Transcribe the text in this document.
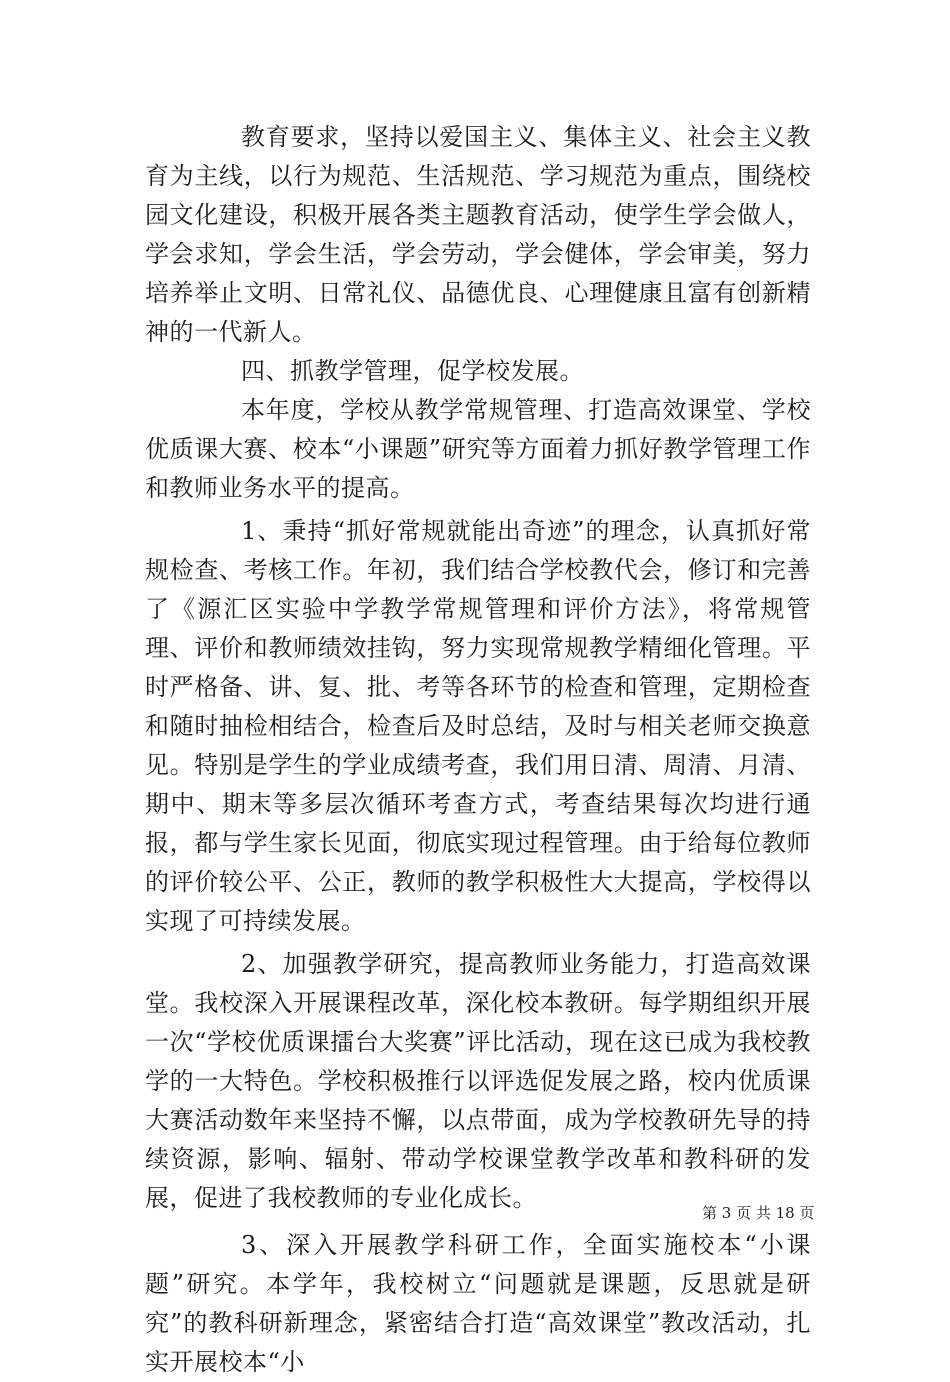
教育要求，坚持以爱国主义、集体主义、社会主义教育为主线，以行为规范、生活规范、学习规范为重点，围绕校园文化建设，积极开展各类主题教育活动，使学生学会做人，学会求知，学会生活，学会劳动，学会健体，学会审美，努力培养举止文明、日常礼仪、品德优良、心理健康且富有创新精神的一代新人。

四、抓教学管理，促学校发展。

本年度，学校从教学常规管理、打造高效课堂、学校优质课大赛、校本“小课题”研究等方面着力抓好教学管理工作和教师业务水平的提高。

1、秉持“抓好常规就能出奇迹”的理念，认真抓好常规检查、考核工作。年初，我们结合学校教代会，修订和完善了《源汇区实验中学教学常规管理和评价方法》，将常规管理、评价和教师绩效挂钩，努力实现常规教学精细化管理。平时严格备、讲、复、批、考等各环节的检查和管理，定期检查和随时抽检相结合，检查后及时总结，及时与相关老师交换意见。特别是学生的学业成绩考查，我们用日清、周清、月清、期中、期末等多层次循环考查方式，考查结果每次均进行通报，都与学生家长见面，彻底实现过程管理。由于给每位教师的评价较公平、公正，教师的教学积极性大大提高，学校得以实现了可持续发展。

2、加强教学研究，提高教师业务能力，打造高效课堂。我校深入开展课程改革，深化校本教研。每学期组织开展一次“学校优质课擂台大奖赛”评比活动，现在这已成为我校教学的一大特色。学校积极推行以评选促发展之路，校内优质课大赛活动数年来坚持不懈，以点带面，成为学校教研先导的持续资源，影响、辐射、带动学校课堂教学改革和教科研的发展，促进了我校教师的专业化成长。

3、深入开展教学科研工作，全面实施校本“小课题”研究。本学年，我校树立“问题就是课题，反思就是研究”的教科研新理念，紧密结合打造“高效课堂”教改活动，扎实开展校本“小

第 3 页 共 18 页
